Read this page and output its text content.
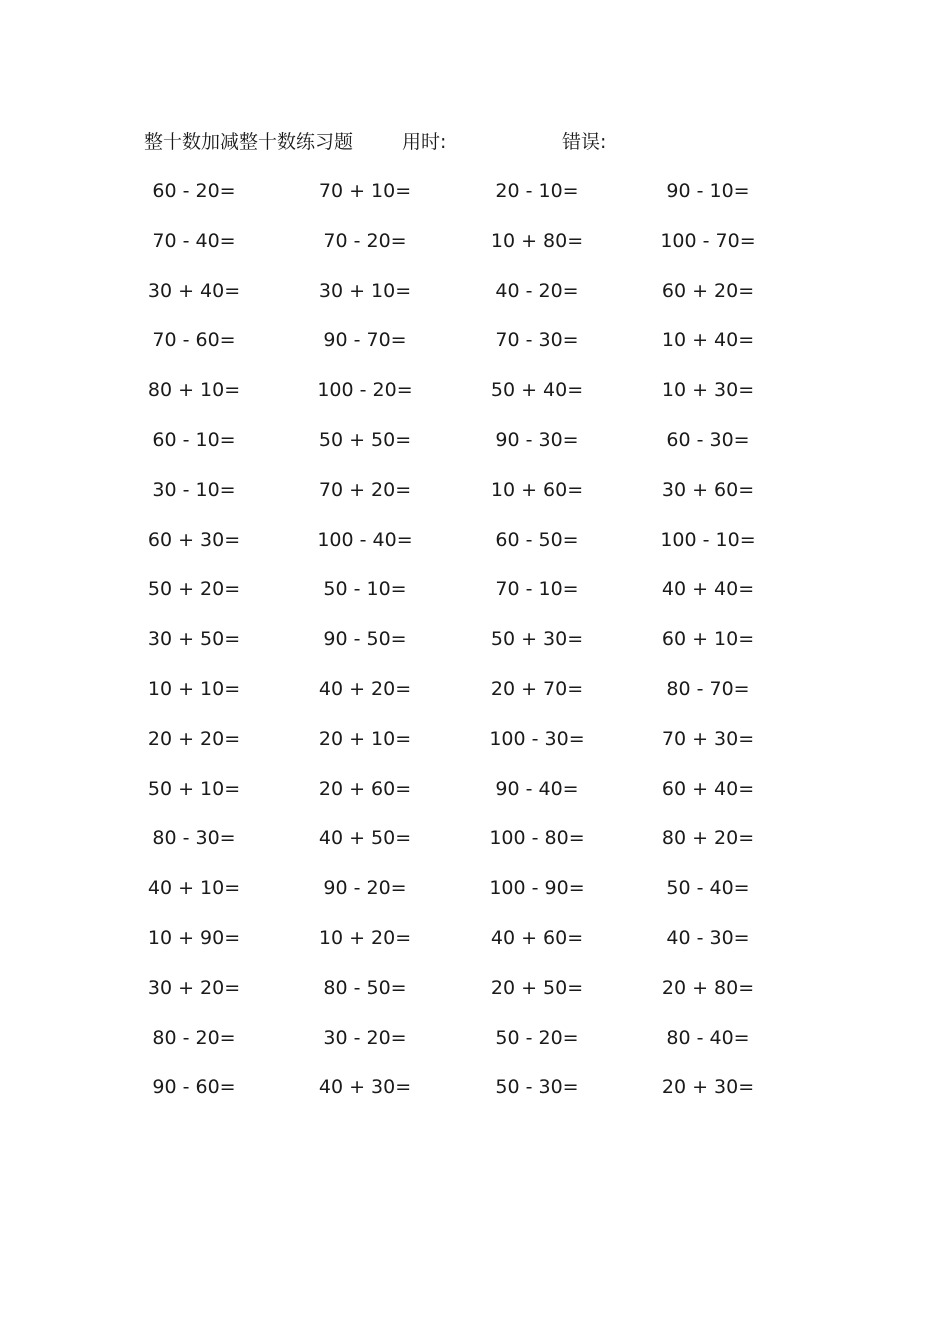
整十数加减整十数练习题	用时:	错误:
60 - 20=	70 + 10=	20 - 10=	90 - 10=
70 - 40=	70 - 20=	10 + 80=	100 - 70=
30 + 40=	30 + 10=	40 - 20=	60 + 20=
70 - 60=	90 - 70=	70 - 30=	10 + 40=
80 + 10=	100 - 20=	50 + 40=	10 + 30=
60 - 10=	50 + 50=	90 - 30=	60 - 30=
30 - 10=	70 + 20=	10 + 60=	30 + 60=
60 + 30=	100 - 40=	60 - 50=	100 - 10=
50 + 20=	50 - 10=	70 - 10=	40 + 40=
30 + 50=	90 - 50=	50 + 30=	60 + 10=
10 + 10=	40 + 20=	20 + 70=	80 - 70=
20 + 20=	20 + 10=	100 - 30=	70 + 30=
50 + 10=	20 + 60=	90 - 40=	60 + 40=
80 - 30=	40 + 50=	100 - 80=	80 + 20=
40 + 10=	90 - 20=	100 - 90=	50 - 40=
10 + 90=	10 + 20=	40 + 60=	40 - 30=
30 + 20=	80 - 50=	20 + 50=	20 + 80=
80 - 20=	30 - 20=	50 - 20=	80 - 40=
90 - 60=	40 + 30=	50 - 30=	20 + 30=
